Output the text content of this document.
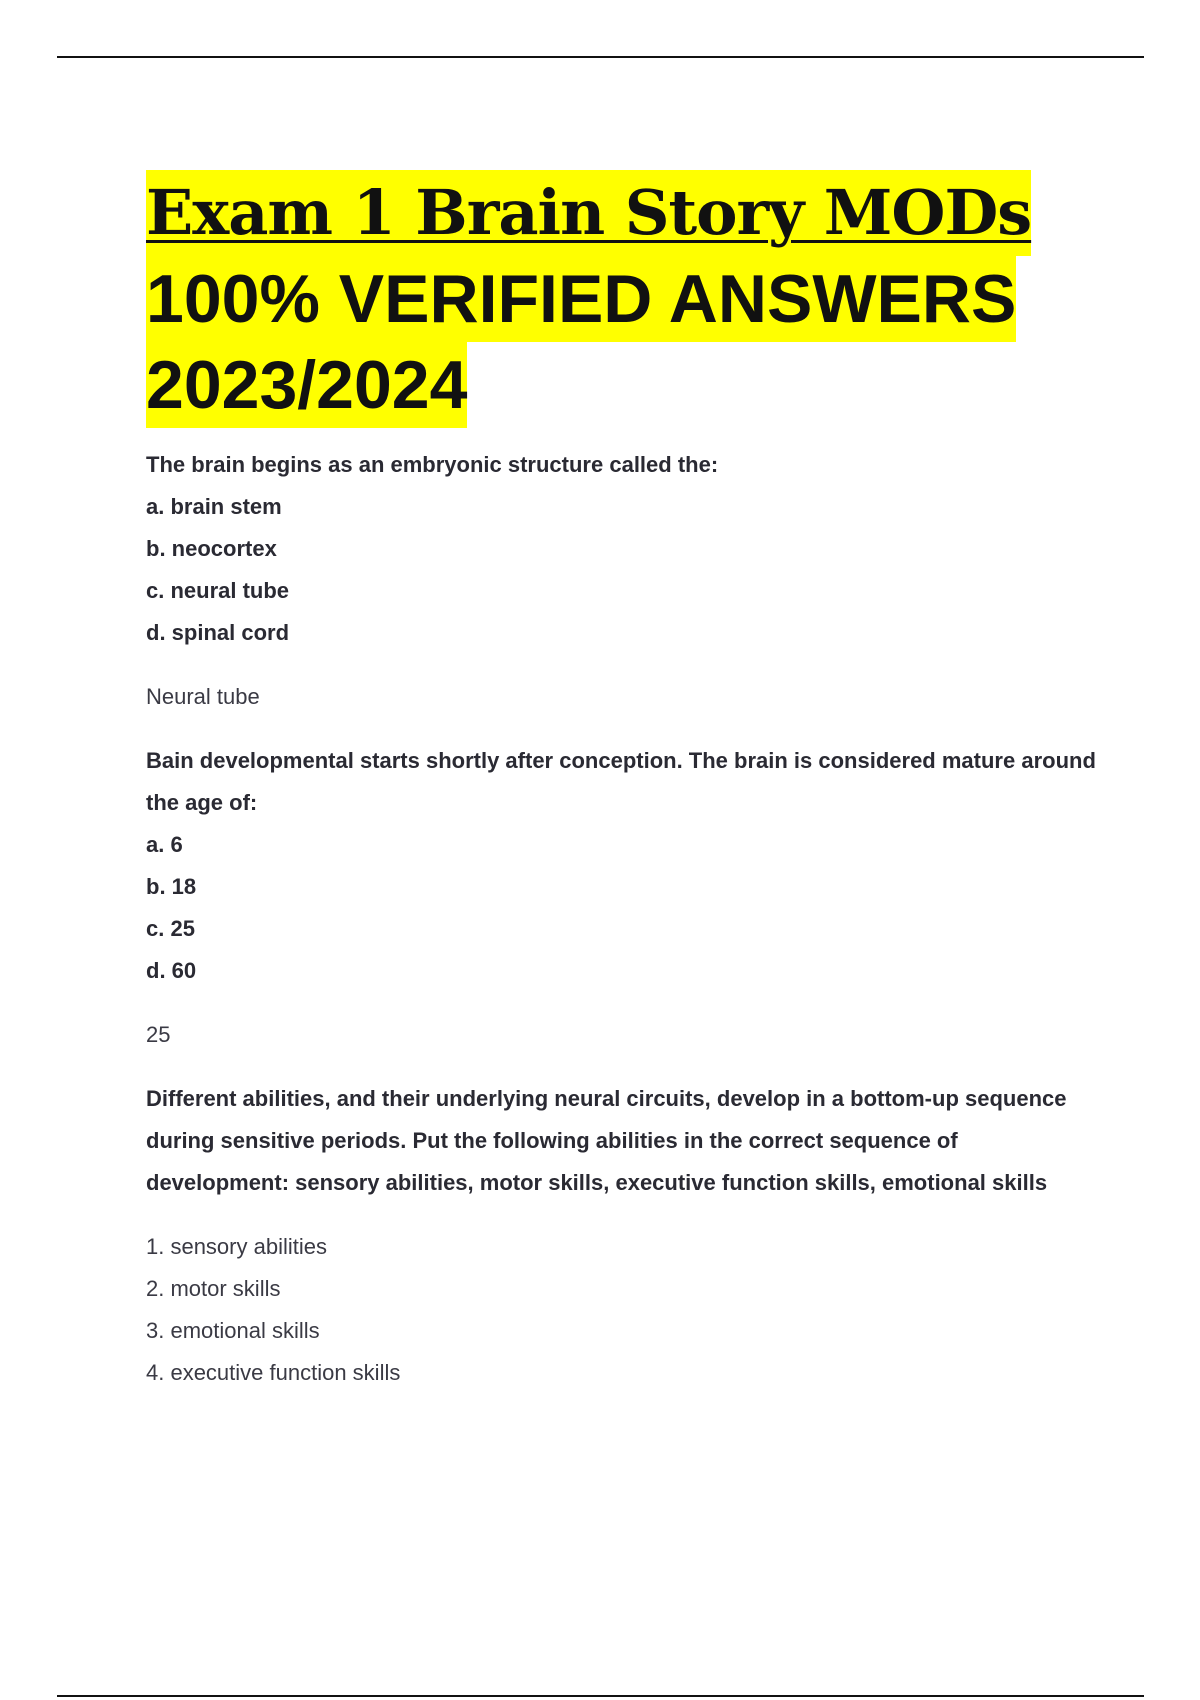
Exam 1 Brain Story MODs
100% VERIFIED ANSWERS
2023/2024

The brain begins as an embryonic structure called the:

a. brain stem

b. neocortex

c. neural tube

d. spinal cord

Neural tube

Bain developmental starts shortly after conception. The brain is considered mature around the age of:

a. 6

b. 18

c. 25

d. 60

25

Different abilities, and their underlying neural circuits, develop in a bottom-up sequence during sensitive periods. Put the following abilities in the correct sequence of development: sensory abilities, motor skills, executive function skills, emotional skills

1. sensory abilities
2. motor skills
3. emotional skills
4. executive function skills
